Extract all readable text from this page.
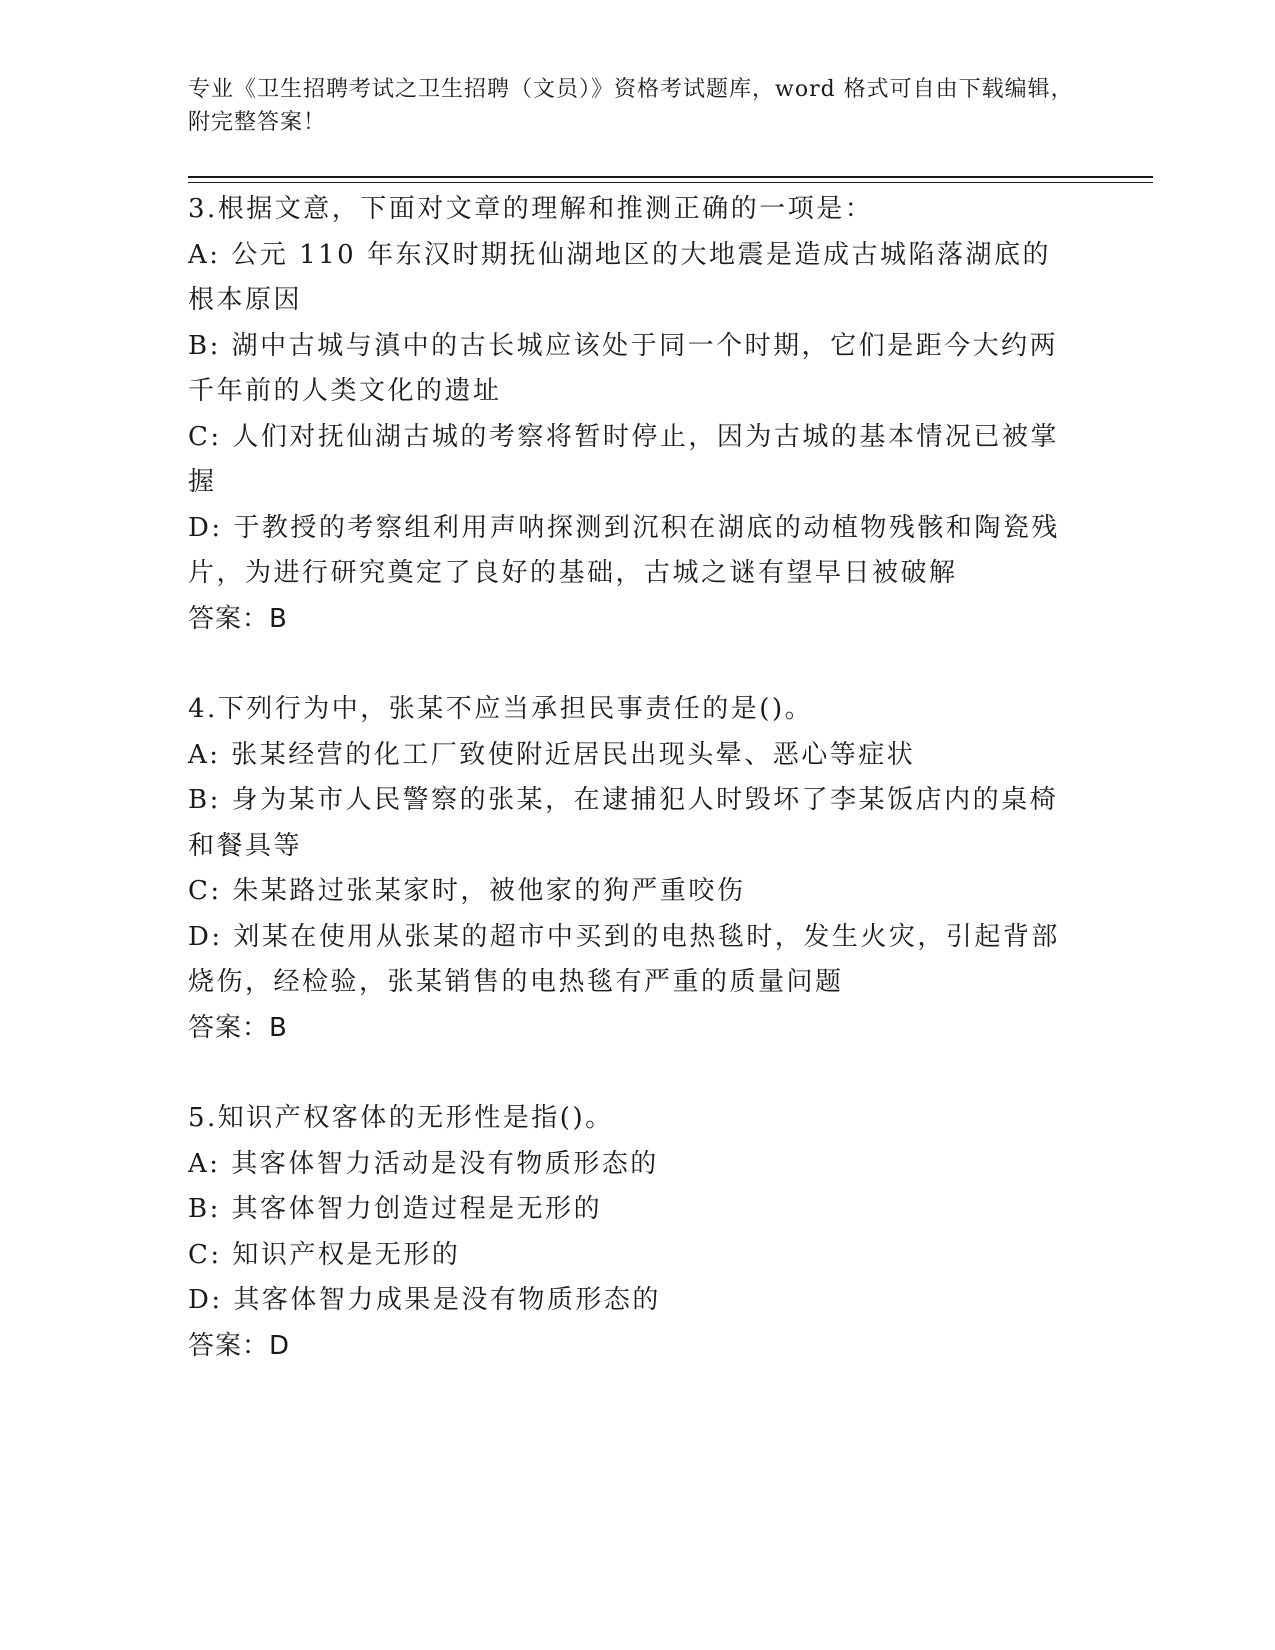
专业《卫生招聘考试之卫生招聘（文员）》资格考试题库，word 格式可自由下载编辑，附完整答案！

3.根据文意，下面对文章的理解和推测正确的一项是：

A: 公元 110 年东汉时期抚仙湖地区的大地震是造成古城陷落湖底的根本原因

B: 湖中古城与滇中的古长城应该处于同一个时期，它们是距今大约两千年前的人类文化的遗址

C: 人们对抚仙湖古城的考察将暂时停止，因为古城的基本情况已被掌握

D: 于教授的考察组利用声呐探测到沉积在湖底的动植物残骸和陶瓷残片，为进行研究奠定了良好的基础，古城之谜有望早日被破解

答案：B

4.下列行为中，张某不应当承担民事责任的是()。

A: 张某经营的化工厂致使附近居民出现头晕、恶心等症状

B: 身为某市人民警察的张某，在逮捕犯人时毁坏了李某饭店内的桌椅和餐具等

C: 朱某路过张某家时，被他家的狗严重咬伤

D: 刘某在使用从张某的超市中买到的电热毯时，发生火灾，引起背部烧伤，经检验，张某销售的电热毯有严重的质量问题

答案：B

5.知识产权客体的无形性是指()。

A: 其客体智力活动是没有物质形态的

B: 其客体智力创造过程是无形的

C: 知识产权是无形的

D: 其客体智力成果是没有物质形态的

答案：D
